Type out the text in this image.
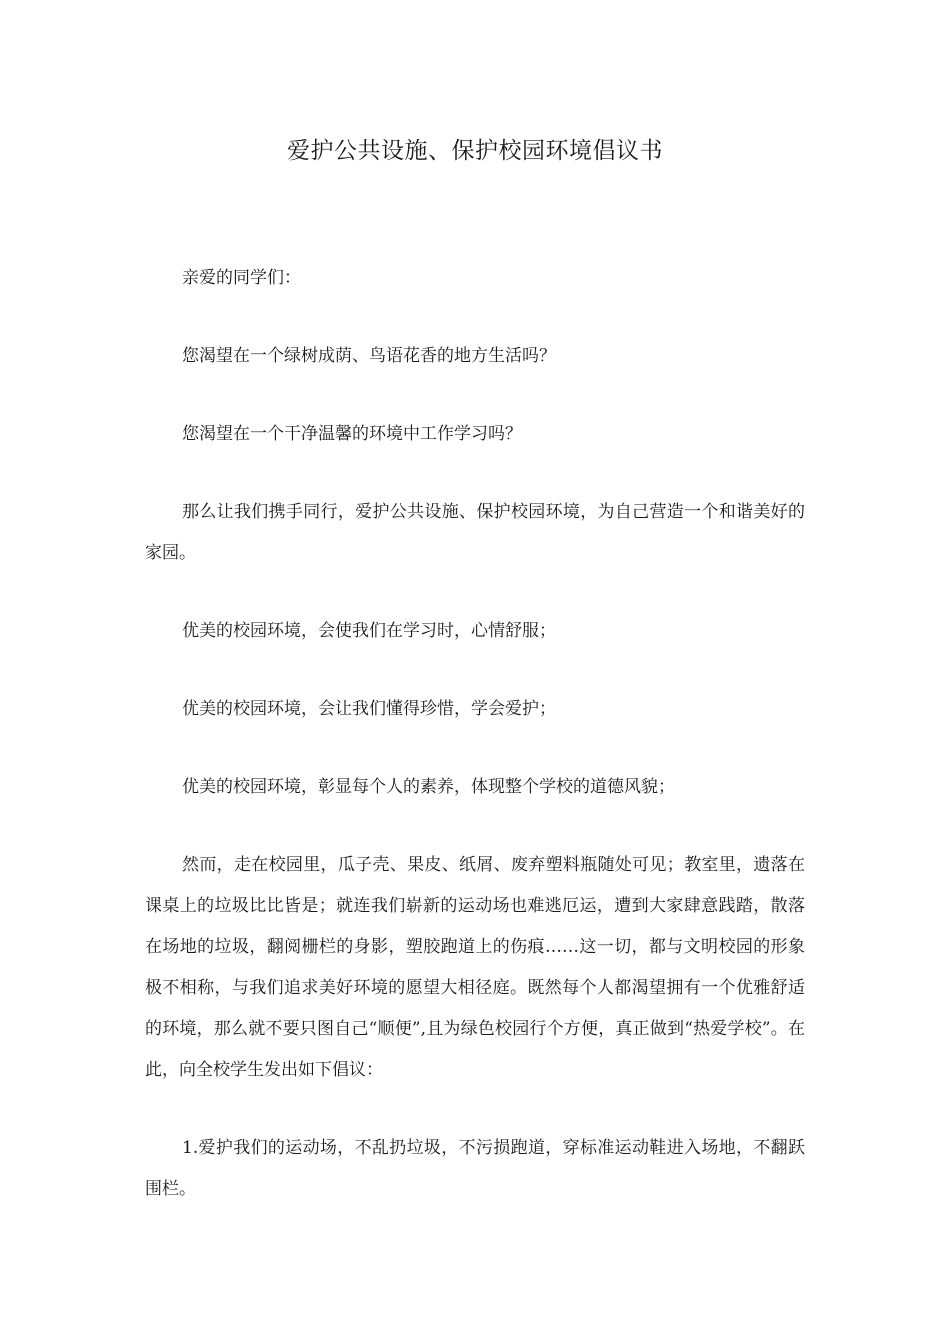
爱护公共设施、保护校园环境倡议书

亲爱的同学们：

您渴望在一个绿树成荫、鸟语花香的地方生活吗？

您渴望在一个干净温馨的环境中工作学习吗？

那么让我们携手同行，爱护公共设施、保护校园环境，为自己营造一个和谐美好的家园。

优美的校园环境，会使我们在学习时，心情舒服；

优美的校园环境，会让我们懂得珍惜，学会爱护；

优美的校园环境，彰显每个人的素养，体现整个学校的道德风貌；

然而，走在校园里，瓜子壳、果皮、纸屑、废弃塑料瓶随处可见；教室里，遗落在课桌上的垃圾比比皆是；就连我们崭新的运动场也难逃厄运，遭到大家肆意践踏，散落在场地的垃圾，翻阅栅栏的身影，塑胶跑道上的伤痕……这一切，都与文明校园的形象极不相称，与我们追求美好环境的愿望大相径庭。既然每个人都渴望拥有一个优雅舒适的环境，那么就不要只图自己“顺便”,且为绿色校园行个方便，真正做到“热爱学校”。在此，向全校学生发出如下倡议：

1.爱护我们的运动场，不乱扔垃圾，不污损跑道，穿标准运动鞋进入场地，不翻跃围栏。
